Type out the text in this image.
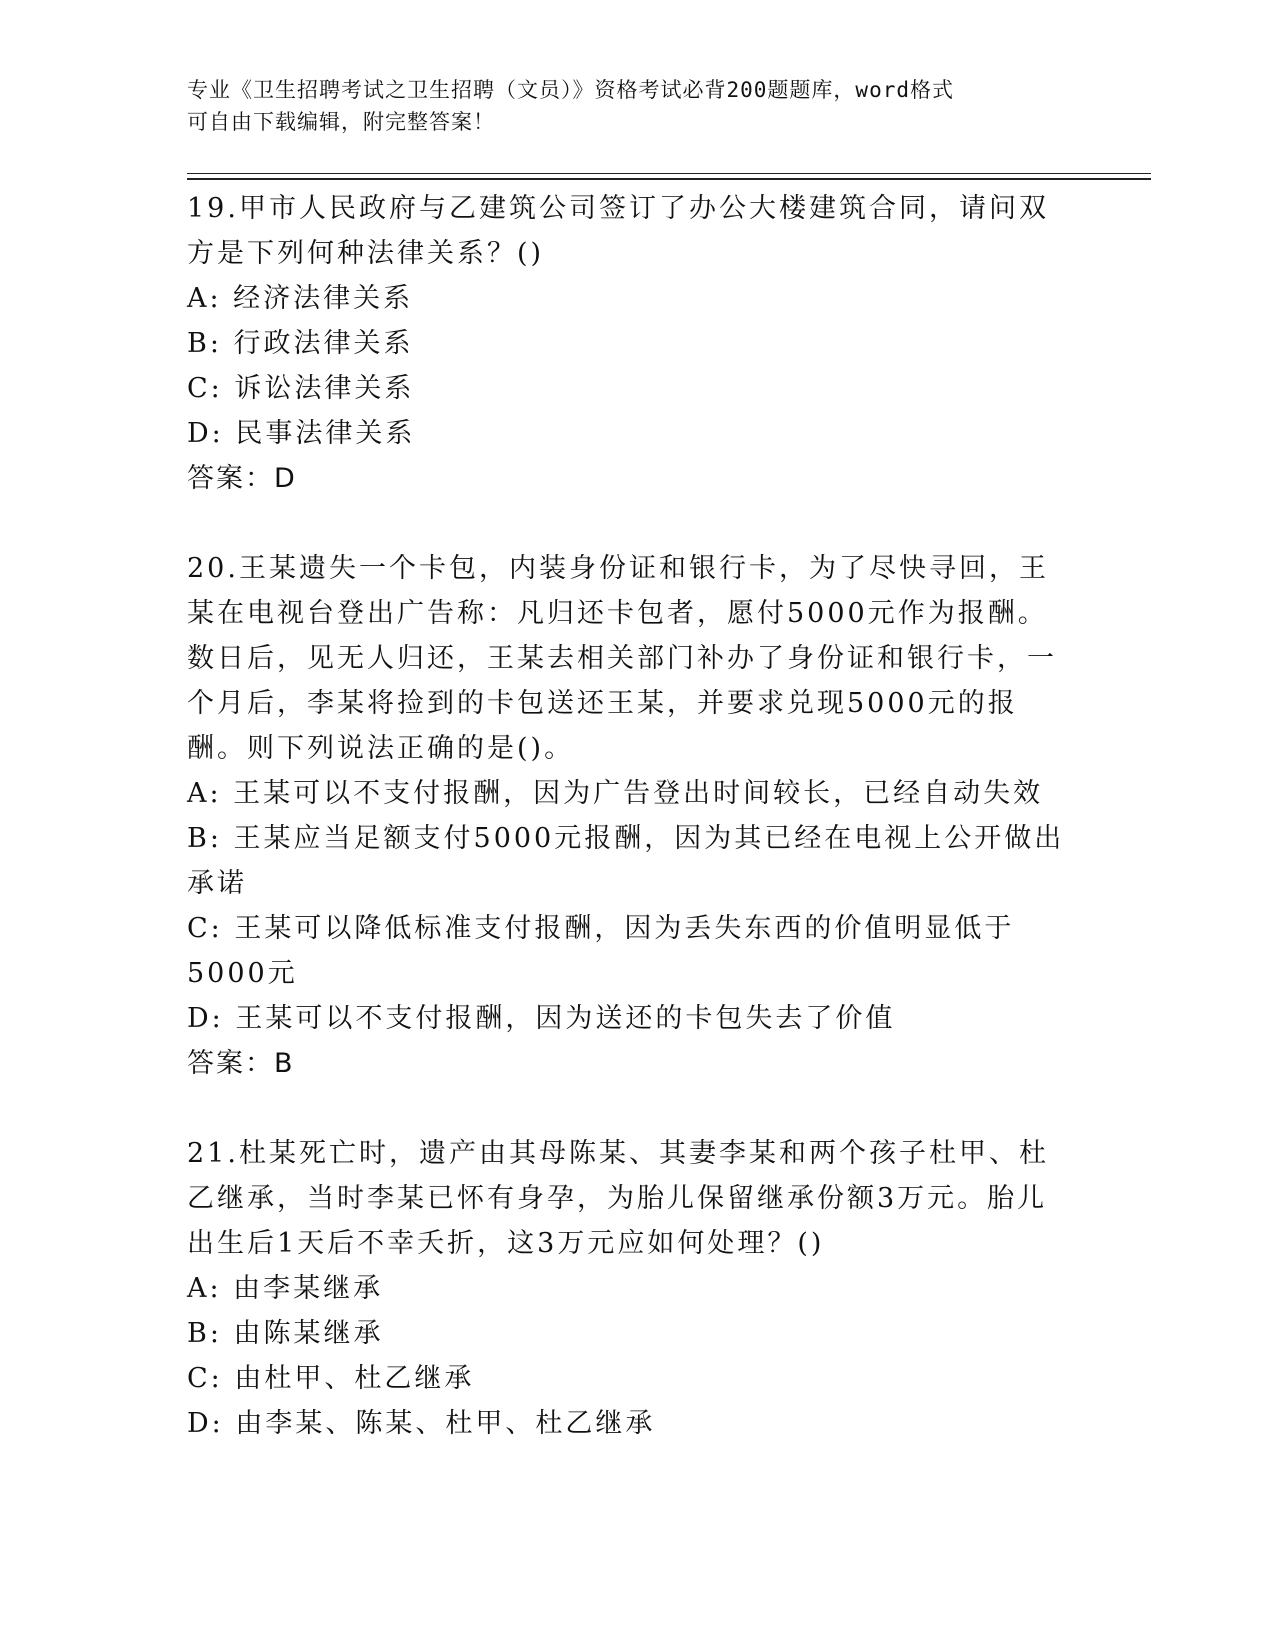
专业《卫生招聘考试之卫生招聘（文员）》资格考试必背200题题库，word格式
可自由下载编辑，附完整答案！

19.甲市人民政府与乙建筑公司签订了办公大楼建筑合同，请问双方是下列何种法律关系？()

A: 经济法律关系

B: 行政法律关系

C: 诉讼法律关系

D: 民事法律关系

答案：D

20.王某遗失一个卡包，内装身份证和银行卡，为了尽快寻回，王某在电视台登出广告称：凡归还卡包者，愿付5000元作为报酬。数日后，见无人归还，王某去相关部门补办了身份证和银行卡，一个月后，李某将捡到的卡包送还王某，并要求兑现5000元的报酬。则下列说法正确的是()。

A: 王某可以不支付报酬，因为广告登出时间较长，已经自动失效

B: 王某应当足额支付5000元报酬，因为其已经在电视上公开做出承诺

C: 王某可以降低标准支付报酬，因为丢失东西的价值明显低于5000元

D: 王某可以不支付报酬，因为送还的卡包失去了价值

答案：B

21.杜某死亡时，遗产由其母陈某、其妻李某和两个孩子杜甲、杜乙继承，当时李某已怀有身孕，为胎儿保留继承份额3万元。胎儿出生后1天后不幸夭折，这3万元应如何处理？()

A: 由李某继承

B: 由陈某继承

C: 由杜甲、杜乙继承

D: 由李某、陈某、杜甲、杜乙继承
